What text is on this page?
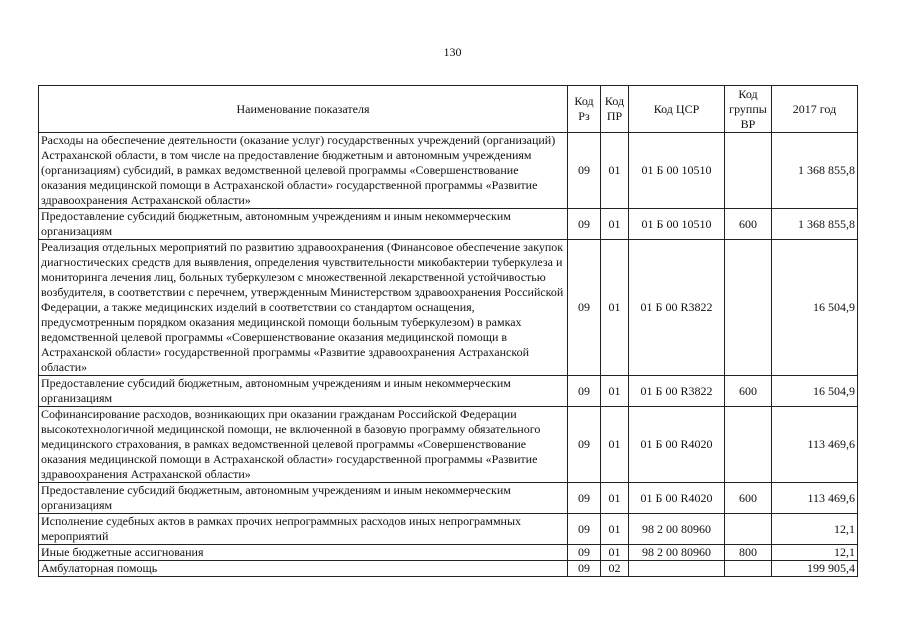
130
Наименование показателя	Код Рз	Код ПР	Код ЦСР	Код группы ВР	2017 год
Расходы на обеспечение деятельности (оказание услуг) государственных учреждений (организаций) Астраханской области, в том числе на предоставление бюджетным и автономным учреждениям (организациям) субсидий, в рамках ведомственной целевой программы «Совершенствование оказания медицинской помощи в Астраханской области» государственной программы «Развитие здравоохранения Астраханской области»	09	01	01 Б 00 10510		1 368 855,8
Предоставление субсидий бюджетным, автономным учреждениям и иным некоммерческим организациям	09	01	01 Б 00 10510	600	1 368 855,8
Реализация отдельных мероприятий по развитию здравоохранения (Финансовое обеспечение закупок диагностических средств для выявления, определения чувствительности микобактерии туберкулеза и мониторинга лечения лиц, больных туберкулезом с множественной лекарственной устойчивостью возбудителя, в соответствии с перечнем, утвержденным Министерством здравоохранения Российской Федерации, а также медицинских изделий в соответствии со стандартом оснащения, предусмотренным порядком оказания медицинской помощи больным туберкулезом) в рамках ведомственной целевой программы «Совершенствование оказания медицинской помощи в Астраханской области» государственной программы «Развитие здравоохранения Астраханской области»	09	01	01 Б 00 R3822		16 504,9
Предоставление субсидий бюджетным, автономным учреждениям и иным некоммерческим организациям	09	01	01 Б 00 R3822	600	16 504,9
Софинансирование расходов, возникающих при оказании гражданам Российской Федерации высокотехнологичной медицинской помощи, не включенной в базовую программу обязательного медицинского страхования, в рамках ведомственной целевой программы «Совершенствование оказания медицинской помощи в Астраханской области» государственной программы «Развитие здравоохранения Астраханской области»	09	01	01 Б 00 R4020		113 469,6
Предоставление субсидий бюджетным, автономным учреждениям и иным некоммерческим организациям	09	01	01 Б 00 R4020	600	113 469,6
Исполнение судебных актов в рамках прочих непрограммных расходов иных непрограммных мероприятий	09	01	98 2 00 80960		12,1
Иные бюджетные ассигнования	09	01	98 2 00 80960	800	12,1
Амбулаторная помощь	09	02			199 905,4
